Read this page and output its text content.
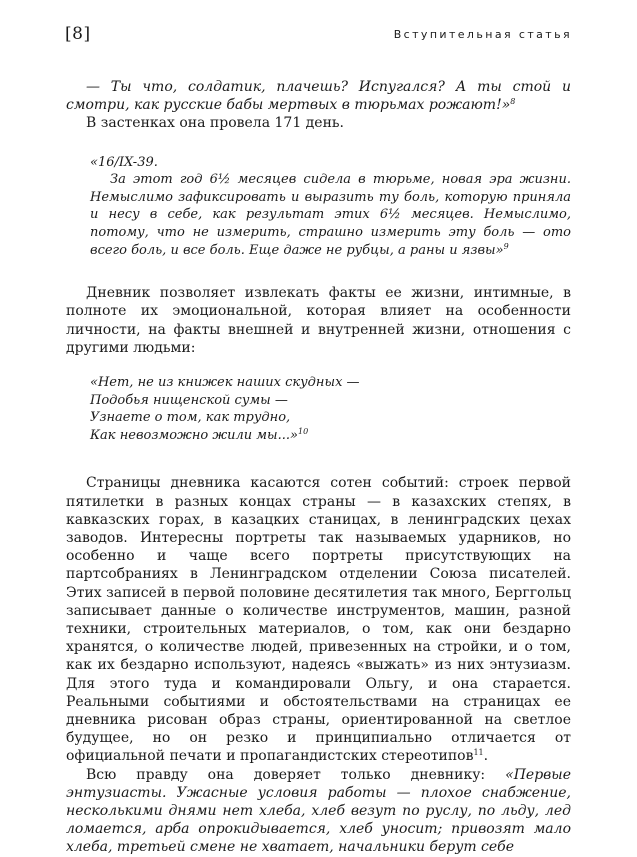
[8]	Вступительная статья

— Ты что, солдатик, плачешь? Испугался? А ты стой и смотри, как русские бабы мертвых в тюрьмах рожают!»$^8$

В застенках она провела 171 день.

«16/IX-39.

За этот год 6½ месяцев сидела в тюрьме, новая эра жизни. Немыслимо зафиксировать и выразить ту боль, которую приняла и несу в себе, как результат этих 6½ месяцев. Немыслимо, потому, что не измерить, страшно измерить эту боль — ото всего боль, и все боль. Еще даже не рубцы, а раны и язвы»$^9$

Дневник позволяет извлекать факты ее жизни, интимные, в полноте их эмоциональной, которая влияет на особенности личности, на факты внешней и внутренней жизни, отношения с другими людьми:

«Нет, не из книжек наших скудных —

Подобья нищенской сумы —

Узнаете о том, как трудно,

Как невозможно жили мы...»$^{10}$

Страницы дневника касаются сотен событий: строек первой пятилетки в разных концах страны — в казахских степях, в кавказских горах, в казацких станицах, в ленинградских цехах заводов. Интересны портреты так называемых ударников, но особенно и чаще всего портреты присутствующих на партсобраниях в Ленинградском отделении Союза писателей. Этих записей в первой половине десятилетия так много, Берггольц записывает данные о количестве инструментов, машин, разной техники, строительных материалов, о том, как они бездарно хранятся, о количестве людей, привезенных на стройки, и о том, как их бездарно используют, надеясь «выжать» из них энтузиазм. Для этого туда и командировали Ольгу, и она старается. Реальными событиями и обстоятельствами на страницах ее дневника рисован образ страны, ориентированной на светлое будущее, но он резко и принципиально отличается от официальной печати и пропагандистских стереотипов$^{11}$.

Всю правду она доверяет только дневнику: «Первые энтузиасты. Ужасные условия работы — плохое снабжение, несколькими днями нет хлеба, хлеб везут по руслу, по льду, лед ломается, арба опрокидывается, хлеб уносит; привозят мало хлеба, третьей смене не хватает, начальники берут себе
